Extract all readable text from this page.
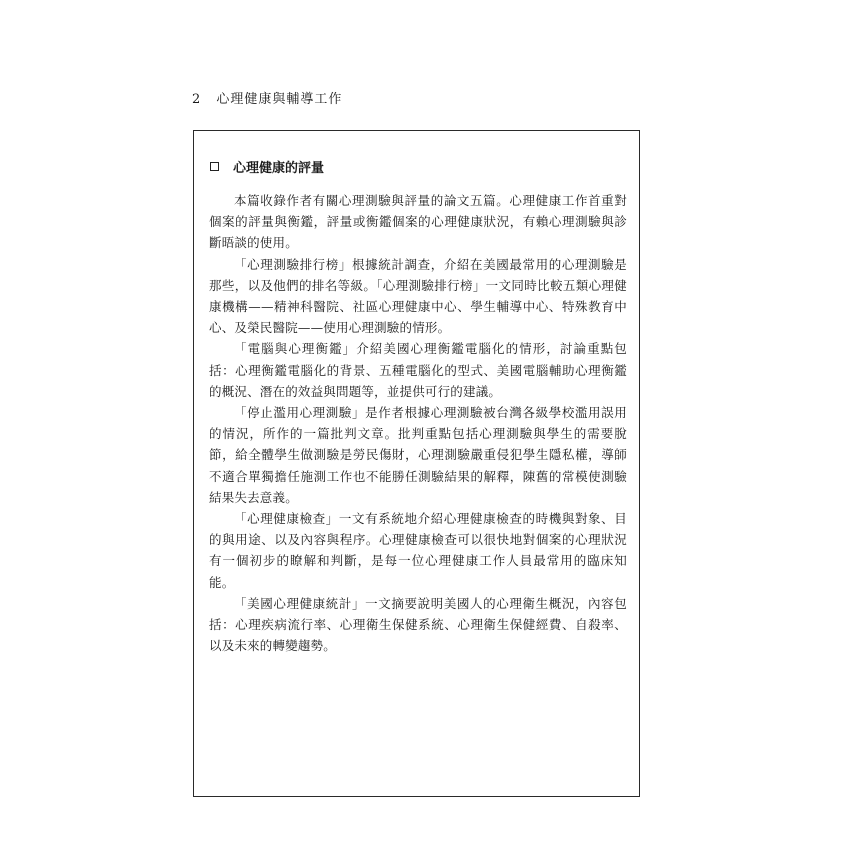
2 心理健康與輔導工作
心理健康的評量

本篇收錄作者有關心理測驗與評量的論文五篇。心理健康工作首重對個案的評量與衡鑑，評量或衡鑑個案的心理健康狀況，有賴心理測驗與診斷晤談的使用。

「心理測驗排行榜」根據統計調查，介紹在美國最常用的心理測驗是那些，以及他們的排名等級。「心理測驗排行榜」一文同時比較五類心理健康機構——精神科醫院、社區心理健康中心、學生輔導中心、特殊教育中心、及榮民醫院——使用心理測驗的情形。

「電腦與心理衡鑑」介紹美國心理衡鑑電腦化的情形，討論重點包括：心理衡鑑電腦化的背景、五種電腦化的型式、美國電腦輔助心理衡鑑的概況、潛在的效益與問題等，並提供可行的建議。

「停止濫用心理測驗」是作者根據心理測驗被台灣各級學校濫用誤用的情況，所作的一篇批判文章。批判重點包括心理測驗與學生的需要脫節，給全體學生做測驗是勞民傷財，心理測驗嚴重侵犯學生隱私權，導師不適合單獨擔任施測工作也不能勝任測驗結果的解釋，陳舊的常模使測驗結果失去意義。

「心理健康檢查」一文有系統地介紹心理健康檢查的時機與對象、目的與用途、以及內容與程序。心理健康檢查可以很快地對個案的心理狀況有一個初步的瞭解和判斷，是每一位心理健康工作人員最常用的臨床知能。

「美國心理健康統計」一文摘要說明美國人的心理衛生概況，內容包括：心理疾病流行率、心理衛生保健系統、心理衛生保健經費、自殺率、以及未來的轉變趨勢。
